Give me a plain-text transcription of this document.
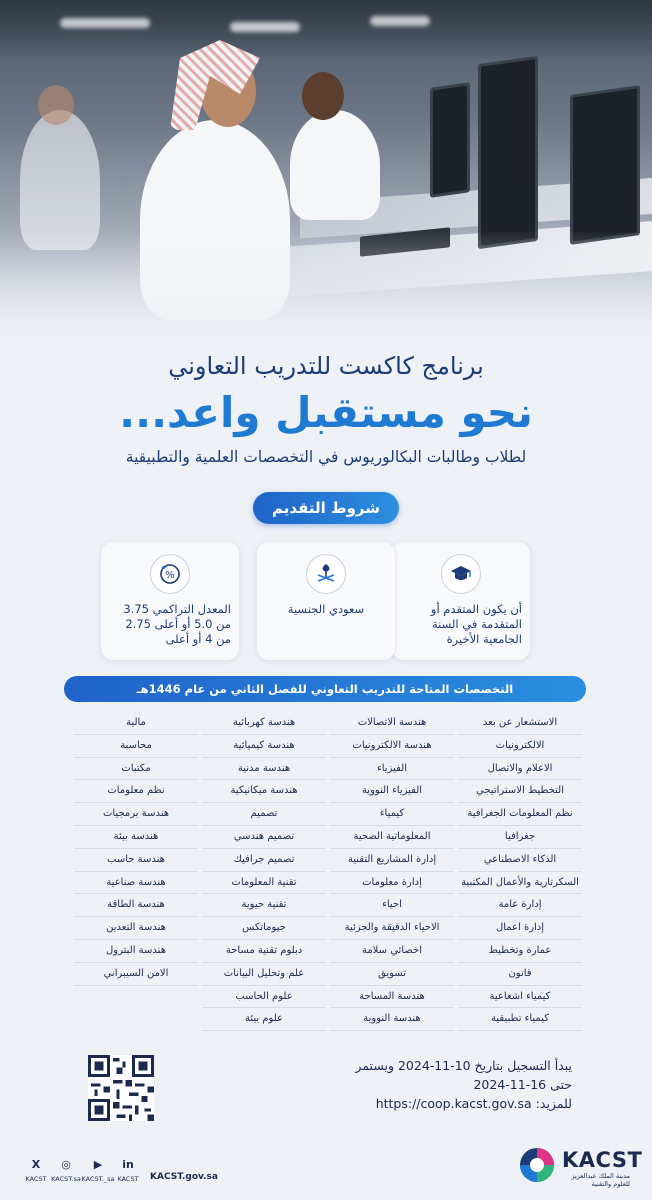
برنامج كاكست للتدريب التعاوني
نحو مستقبل واعد...
لطلاب وطالبات البكالوريوس في التخصصات العلمية والتطبيقية
شروط التقديم
أن يكون المتقدم أو المتقدمة في السنة الجامعية الأخيرة
سعودي الجنسية
%
المعدل التراكمي 3.75 من 5.0 أو أعلى 2.75 من 4 أو أعلى
التخصصات المتاحة للتدريب التعاوني للفصل الثاني من عام 1446هـ
الاستشعار عن بعد
الالكترونيات
الاعلام والاتصال
التخطيط الاستراتيجي
نظم المعلومات الجغرافية
جغرافيا
الذكاء الاصطناعي
السكرتارية والأعمال المكتبية
إدارة عامة
إدارة اعمال
عمارة وتخطيط
قانون
كيمياء اشعاعية
كيمياء تطبيقية
هندسة الاتصالات
هندسة الالكترونيات
الفيزياء
الفيزياء النووية
كيمياء
المعلوماتية الصحية
إدارة المشاريع التقنية
إدارة معلومات
احياء
الاحياء الدقيقة والجزئية
اخصائي سلامة
تسويق
هندسة المساحة
هندسة النووية
هندسة كهربائية
هندسة كيميائية
هندسة مدنية
هندسة ميكانيكية
تصميم
تصميم هندسي
تصميم جرافيك
تقنية المعلومات
تقنية حيوية
جيوماتكس
دبلوم تقنية مساحة
علم وتحليل البيانات
علوم الحاسب
علوم بيئة
مالية
محاسبة
مكتبات
نظم معلومات
هندسة برمجيات
هندسة بيئة
هندسة حاسب
هندسة صناعية
هندسة الطاقة
هندسة التعدين
هندسة البترول
الامن السيبراني
يبدأ التسجيل بتاريخ 10-11-2024 ويستمر
حتى 16-11-2024
للمزيد: https://coop.kacst.gov.sa
X
KACST
◎
KACST.sa
▶
KACST._sa
in
KACST	KACST.gov.sa
KACST
مدينة الملك عبدالعزيز للعلوم والتقنية
